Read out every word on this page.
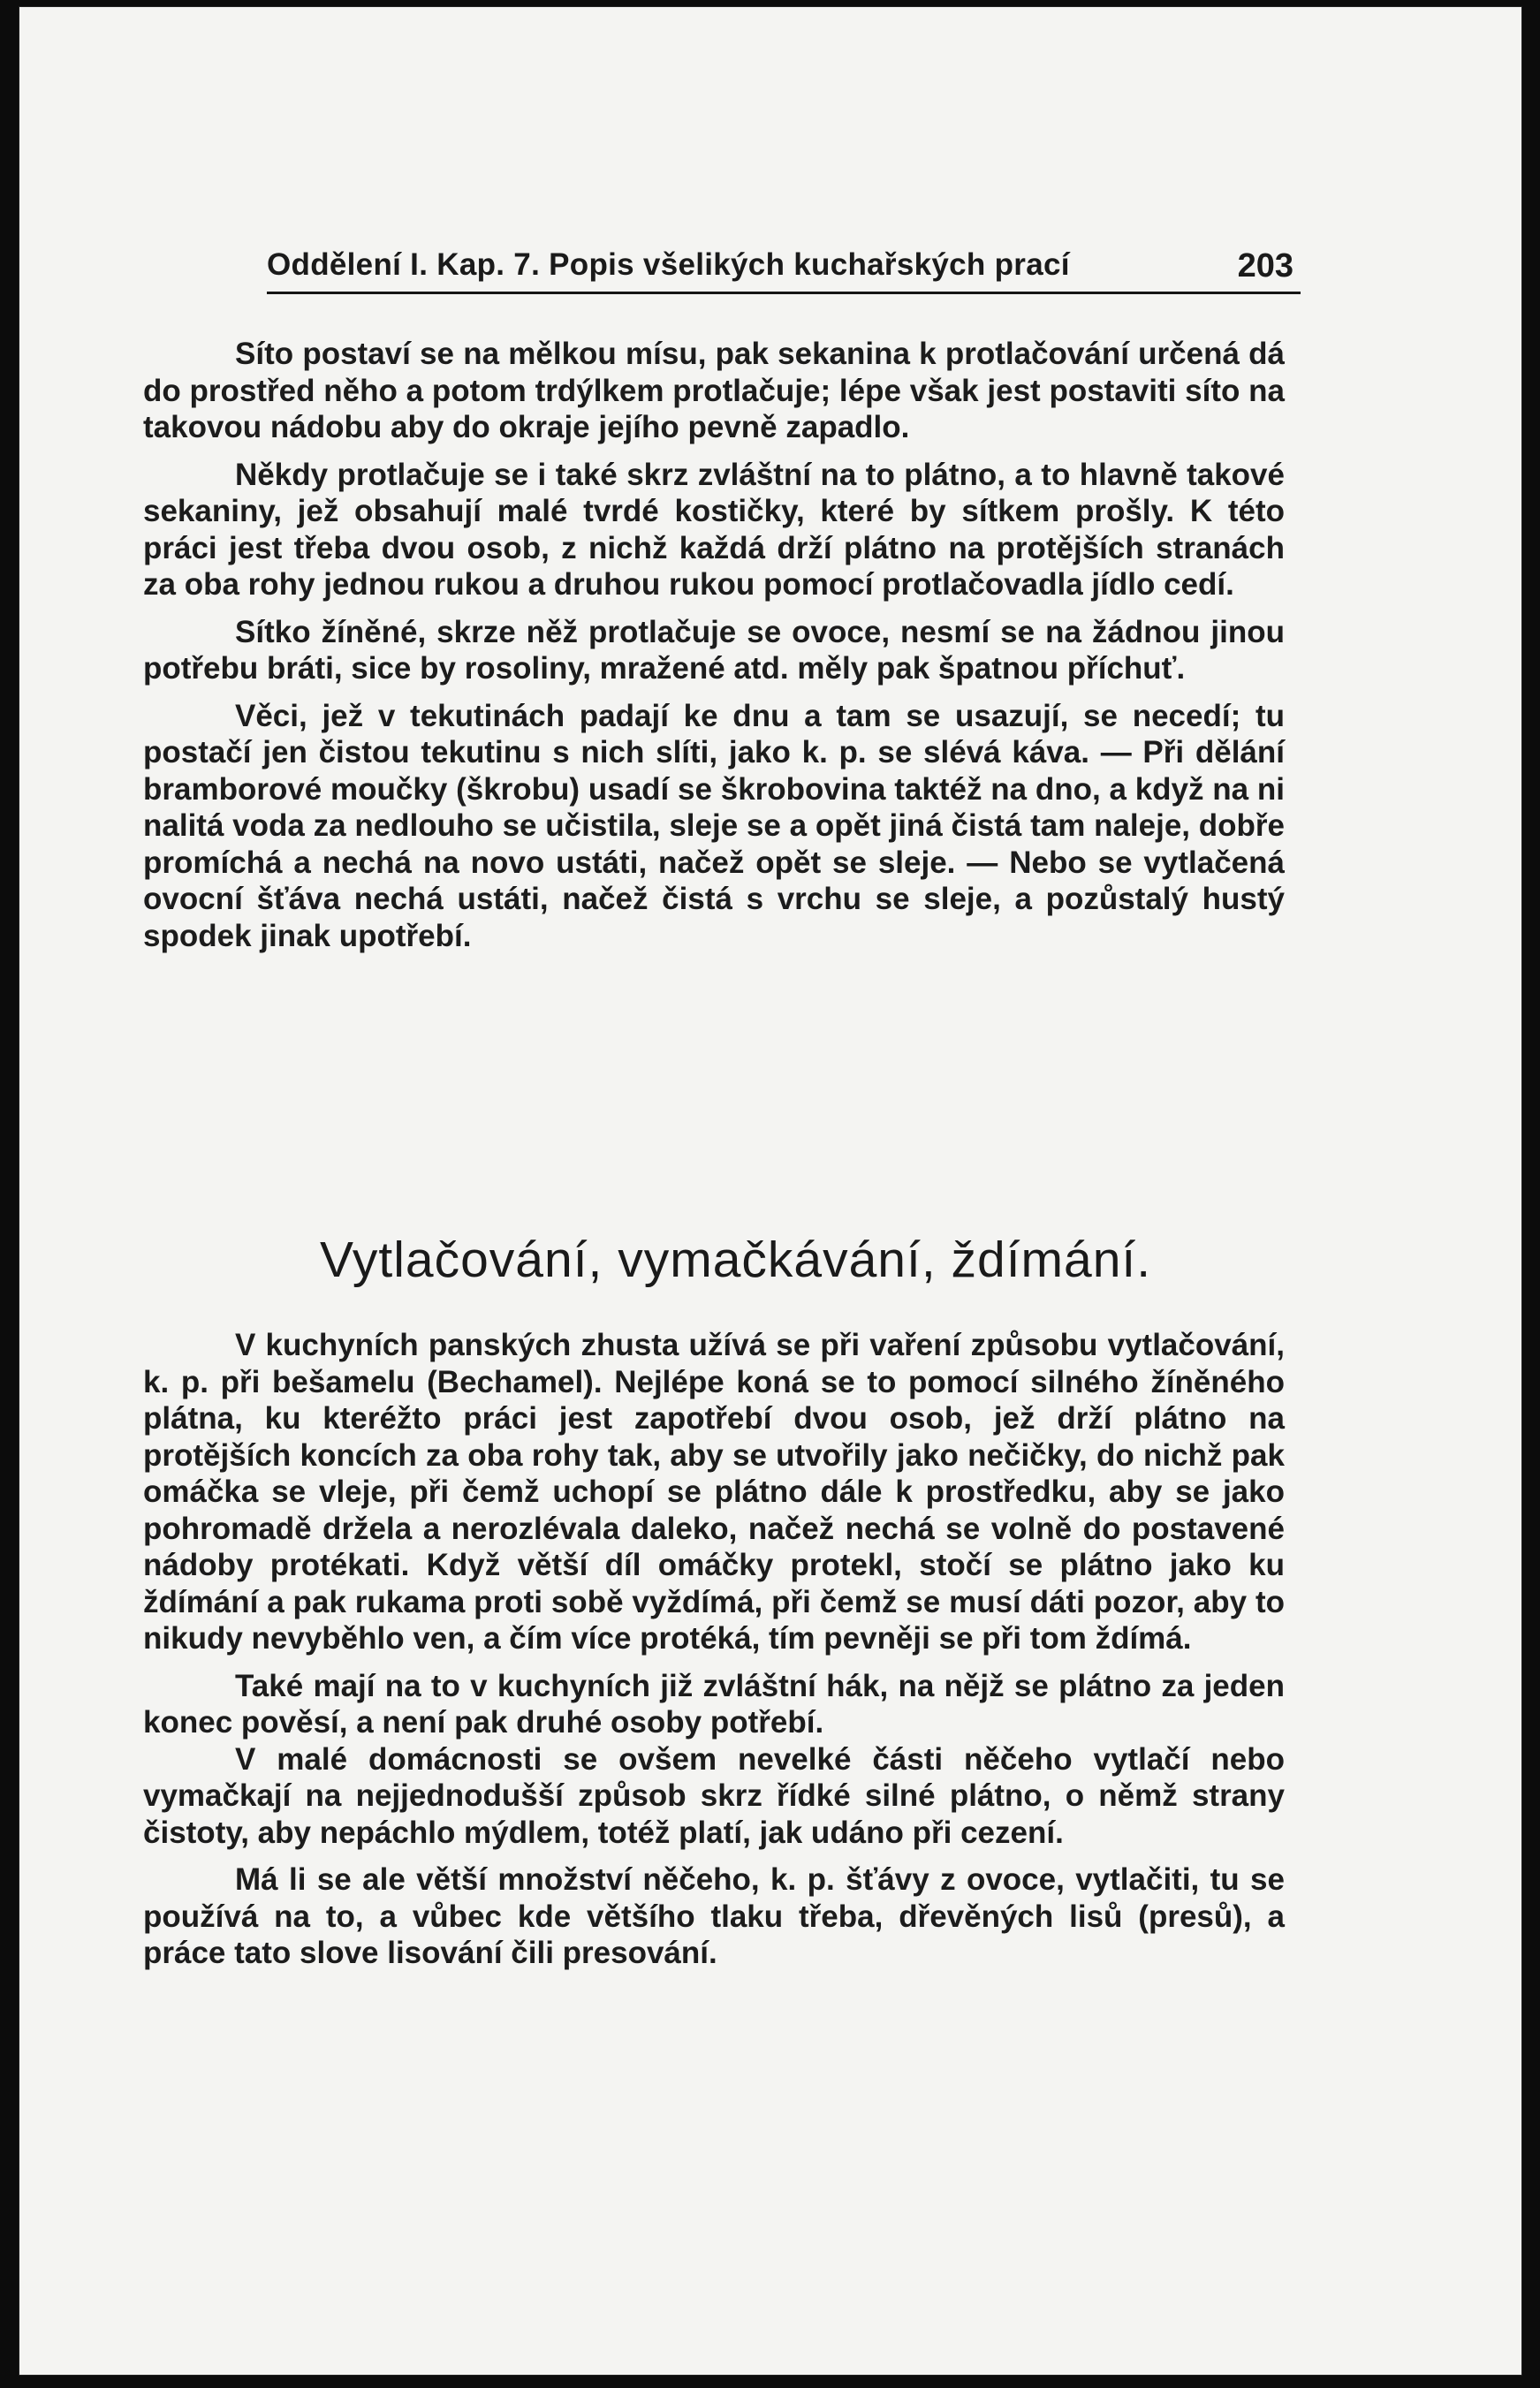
Oddělení I. Kap. 7. Popis všelikých kuchařských prací	203

Síto postaví se na mělkou mísu, pak sekanina k protlačování určená dá do prostřed něho a potom trdýlkem protlačuje; lépe však jest postaviti síto na takovou nádobu aby do okraje jejího pevně zapadlo.

Někdy protlačuje se i také skrz zvláštní na to plátno, a to hlavně takové sekaniny, jež obsahují malé tvrdé kostičky, které by sítkem prošly. K této práci jest třeba dvou osob, z nichž každá drží plátno na protějších stranách za oba rohy jednou rukou a druhou rukou pomocí protlačovadla jídlo cedí.

Sítko žíněné, skrze něž protlačuje se ovoce, nesmí se na žádnou jinou potřebu bráti, sice by rosoliny, mražené atd. měly pak špatnou příchuť.

Věci, jež v tekutinách padají ke dnu a tam se usazují, se necedí; tu postačí jen čistou tekutinu s nich slíti, jako k. p. se slévá káva. — Při dělání bramborové moučky (škrobu) usadí se škrobovina taktéž na dno, a když na ni nalitá voda za nedlouho se učistila, sleje se a opět jiná čistá tam naleje, dobře promíchá a nechá na novo ustáti, načež opět se sleje. — Nebo se vytlačená ovocní šťáva nechá ustáti, načež čistá s vrchu se sleje, a pozůstalý hustý spodek jinak upotřebí.

Vytlačování, vymačkávání, ždímání.

V kuchyních panských zhusta užívá se při vaření způsobu vytlačování, k. p. při bešamelu (Bechamel). Nejlépe koná se to pomocí silného žíněného plátna, ku kteréžto práci jest zapotřebí dvou osob, jež drží plátno na protějších koncích za oba rohy tak, aby se utvořily jako nečičky, do nichž pak omáčka se vleje, při čemž uchopí se plátno dále k prostředku, aby se jako pohromadě držela a nerozlévala daleko, načež nechá se volně do postavené nádoby protékati. Když větší díl omáčky protekl, stočí se plátno jako ku ždímání a pak rukama proti sobě vyždímá, při čemž se musí dáti pozor, aby to nikudy nevyběhlo ven, a čím více protéká, tím pevněji se při tom ždímá.

Také mají na to v kuchyních již zvláštní hák, na nějž se plátno za jeden konec pověsí, a není pak druhé osoby potřebí.

V malé domácnosti se ovšem nevelké části něčeho vytlačí nebo vymačkají na nejjednodušší způsob skrz řídké silné plátno, o němž strany čistoty, aby nepáchlo mýdlem, totéž platí, jak udáno při cezení.

Má li se ale větší množství něčeho, k. p. šťávy z ovoce, vytlačiti, tu se používá na to, a vůbec kde většího tlaku třeba, dřevěných lisů (presů), a práce tato slove lisování čili presování.
